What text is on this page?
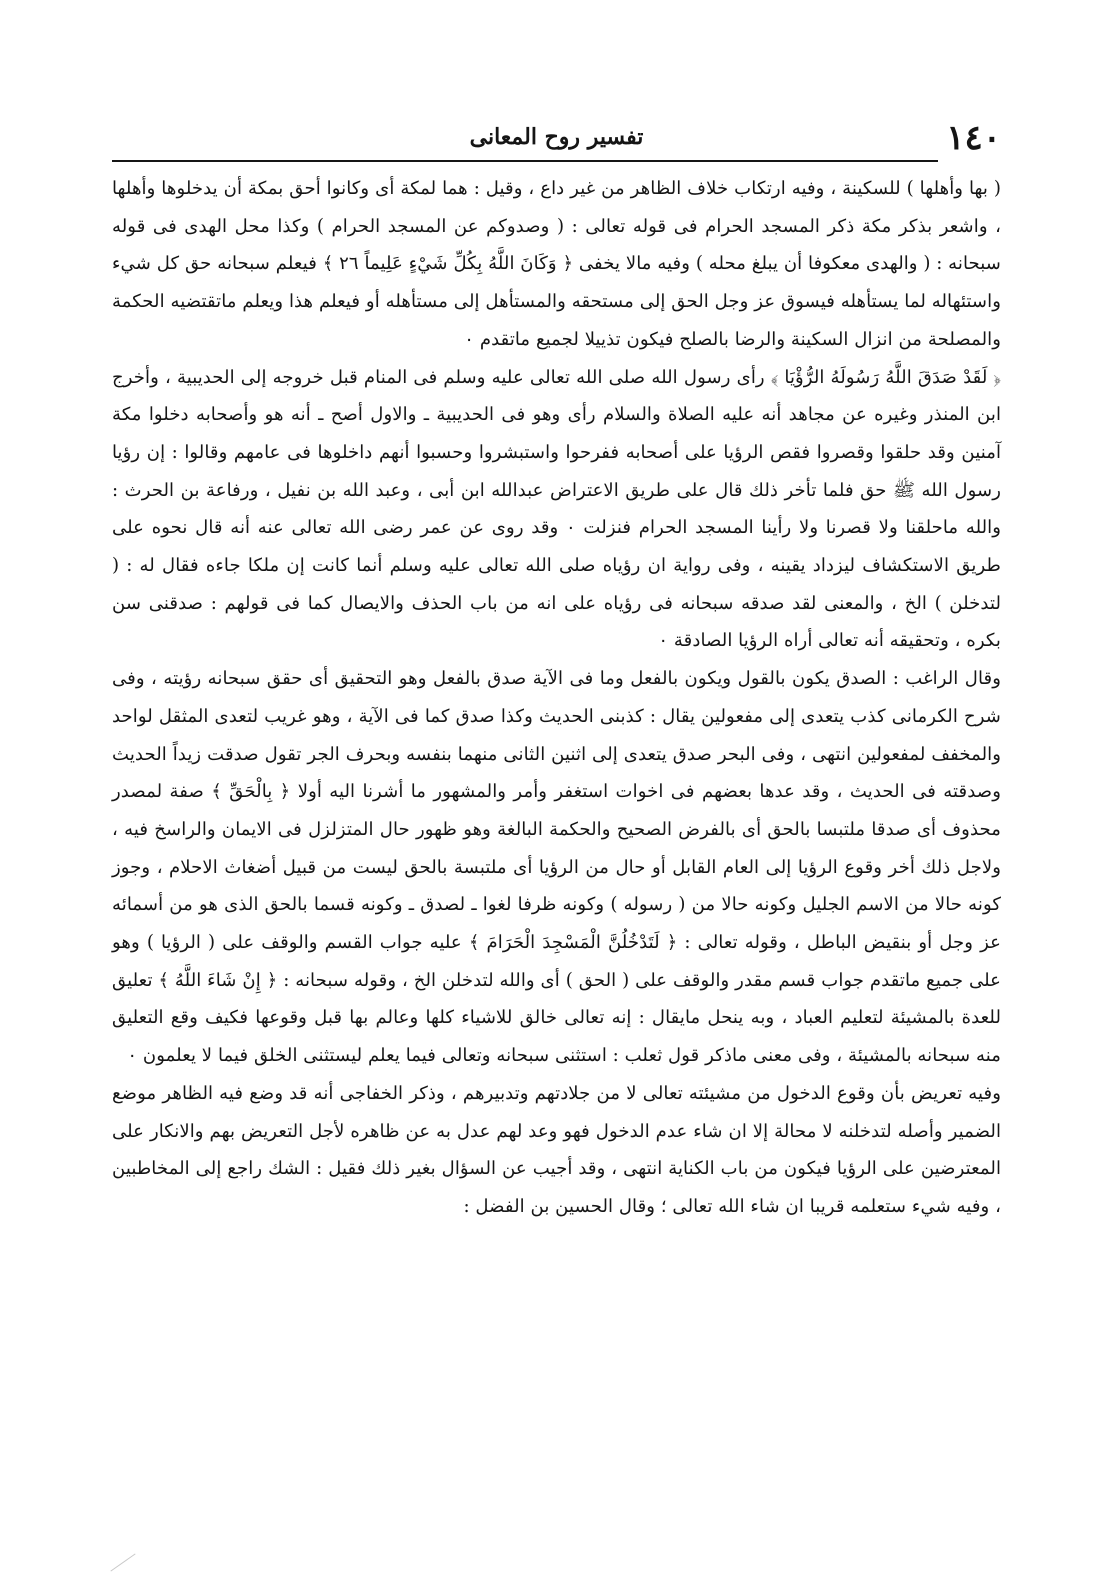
١٤٠
تفسير روح المعانى

( بها وأهلها ) للسكينة ، وفيه ارتكاب خلاف الظاهر من غير داع ، وقيل : هما لمكة أى وكانوا أحق بمكة أن يدخلوها وأهلها ، واشعر بذكر مكة ذكر المسجد الحرام فى قوله تعالى : ( وصدوكم عن المسجد الحرام ) وكذا محل الهدى فى قوله سبحانه : ( والهدى معكوفا أن يبلغ محله ) وفيه مالا يخفى ﴿ وَكَانَ اللَّهُ بِكُلِّ شَيْءٍ عَلِيماً ٢٦ ﴾ فيعلم سبحانه حق كل شيء واستئهاله لما يستأهله فيسوق عز وجل الحق إلى مستحقه والمستأهل إلى مستأهله أو فيعلم هذا ويعلم ماتقتضيه الحكمة والمصلحة من انزال السكينة والرضا بالصلح فيكون تذييلا لجميع ماتقدم ٠

﴿ لَقَدْ صَدَقَ اللَّهُ رَسُولَهُ الرُّؤْيَا ﴾ رأى رسول الله صلى الله تعالى عليه وسلم فى المنام قبل خروجه إلى الحديبية ، وأخرج ابن المنذر وغيره عن مجاهد أنه عليه الصلاة والسلام رأى وهو فى الحديبية ـ والاول أصح ـ أنه هو وأصحابه دخلوا مكة آمنين وقد حلقوا وقصروا فقص الرؤيا على أصحابه ففرحوا واستبشروا وحسبوا أنهم داخلوها فى عامهم وقالوا : إن رؤيا رسول الله ﷺ حق فلما تأخر ذلك قال على طريق الاعتراض عبدالله ابن أبى ، وعبد الله بن نفيل ، ورفاعة بن الحرث : والله ماحلقنا ولا قصرنا ولا رأينا المسجد الحرام فنزلت ٠ وقد روى عن عمر رضى الله تعالى عنه أنه قال نحوه على طريق الاستكشاف ليزداد يقينه ، وفى رواية ان رؤياه صلى الله تعالى عليه وسلم أنما كانت إن ملكا جاءه فقال له : ( لتدخلن ) الخ ، والمعنى لقد صدقه سبحانه فى رؤياه على انه من باب الحذف والايصال كما فى قولهم : صدقنى سن بكره ، وتحقيقه أنه تعالى أراه الرؤيا الصادقة ٠

وقال الراغب : الصدق يكون بالقول ويكون بالفعل وما فى الآية صدق بالفعل وهو التحقيق أى حقق سبحانه رؤيته ، وفى شرح الكرمانى كذب يتعدى إلى مفعولين يقال : كذبنى الحديث وكذا صدق كما فى الآية ، وهو غريب لتعدى المثقل لواحد والمخفف لمفعولين انتهى ، وفى البحر صدق يتعدى إلى اثنين الثانى منهما بنفسه وبحرف الجر تقول صدقت زيداً الحديث وصدقته فى الحديث ، وقد عدها بعضهم فى اخوات استغفر وأمر والمشهور ما أشرنا اليه أولا ﴿ بِالْحَقِّ ﴾ صفة لمصدر محذوف أى صدقا ملتبسا بالحق أى بالفرض الصحيح والحكمة البالغة وهو ظهور حال المتزلزل فى الايمان والراسخ فيه ، ولاجل ذلك أخر وقوع الرؤيا إلى العام القابل أو حال من الرؤيا أى ملتبسة بالحق ليست من قبيل أضغاث الاحلام ، وجوز كونه حالا من الاسم الجليل وكونه حالا من ( رسوله ) وكونه ظرفا لغوا ـ لصدق ـ وكونه قسما بالحق الذى هو من أسمائه عز وجل أو بنقيض الباطل ، وقوله تعالى : ﴿ لَتَدْخُلُنَّ الْمَسْجِدَ الْحَرَامَ ﴾ عليه جواب القسم والوقف على ( الرؤيا ) وهو على جميع ماتقدم جواب قسم مقدر والوقف على ( الحق ) أى والله لتدخلن الخ ، وقوله سبحانه : ﴿ إِنْ شَاءَ اللَّهُ ﴾ تعليق للعدة بالمشيئة لتعليم العباد ، وبه ينحل مايقال : إنه تعالى خالق للاشياء كلها وعالم بها قبل وقوعها فكيف وقع التعليق منه سبحانه بالمشيئة ، وفى معنى ماذكر قول ثعلب : استثنى سبحانه وتعالى فيما يعلم ليستثنى الخلق فيما لا يعلمون ٠

وفيه تعريض بأن وقوع الدخول من مشيئته تعالى لا من جلادتهم وتدبيرهم ، وذكر الخفاجى أنه قد وضع فيه الظاهر موضع الضمير وأصله لتدخلنه لا محالة إلا ان شاء عدم الدخول فهو وعد لهم عدل به عن ظاهره لأجل التعريض بهم والانكار على المعترضين على الرؤيا فيكون من باب الكناية انتهى ، وقد أجيب عن السؤال بغير ذلك فقيل : الشك راجع إلى المخاطبين ، وفيه شيء ستعلمه قريبا ان شاء الله تعالى ؛ وقال الحسين بن الفضل :
